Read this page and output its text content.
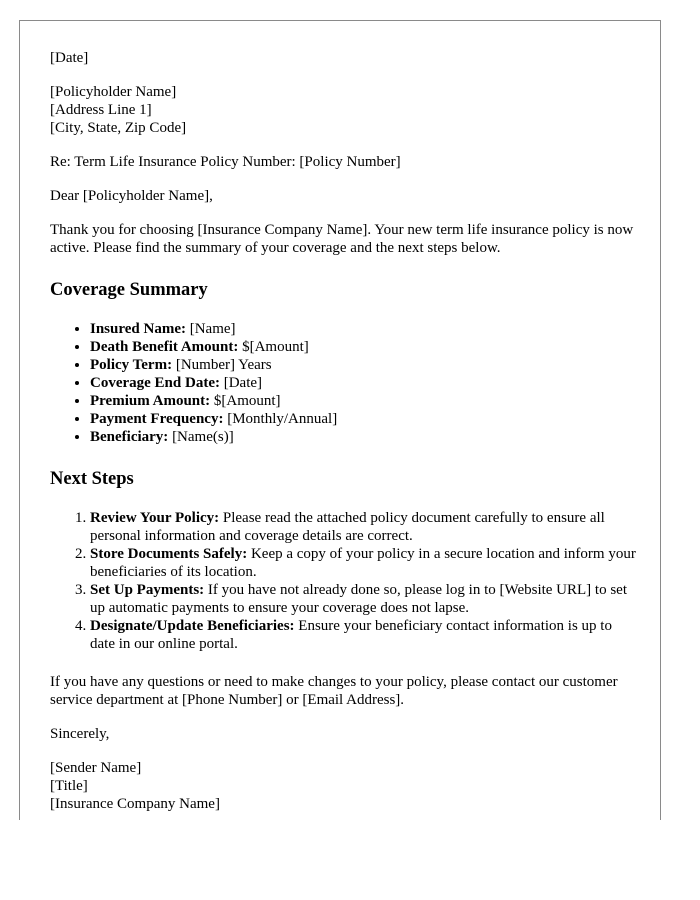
[Date]

[Policyholder Name]
[Address Line 1]
[City, State, Zip Code]

Re: Term Life Insurance Policy Number: [Policy Number]

Dear [Policyholder Name],

Thank you for choosing [Insurance Company Name]. Your new term life insurance policy is now active. Please find the summary of your coverage and the next steps below.

Coverage Summary
• Insured Name: [Name]
• Death Benefit Amount: $[Amount]
• Policy Term: [Number] Years
• Coverage End Date: [Date]
• Premium Amount: $[Amount]
• Payment Frequency: [Monthly/Annual]
• Beneficiary: [Name(s)]
Next Steps
1. Review Your Policy: Please read the attached policy document carefully to ensure all personal information and coverage details are correct.
2. Store Documents Safely: Keep a copy of your policy in a secure location and inform your beneficiaries of its location.
3. Set Up Payments: If you have not already done so, please log in to [Website URL] to set up automatic payments to ensure your coverage does not lapse.
4. Designate/Update Beneficiaries: Ensure your beneficiary contact information is up to date in our online portal.

If you have any questions or need to make changes to your policy, please contact our customer service department at [Phone Number] or [Email Address].

Sincerely,

[Sender Name]
[Title]
[Insurance Company Name]
